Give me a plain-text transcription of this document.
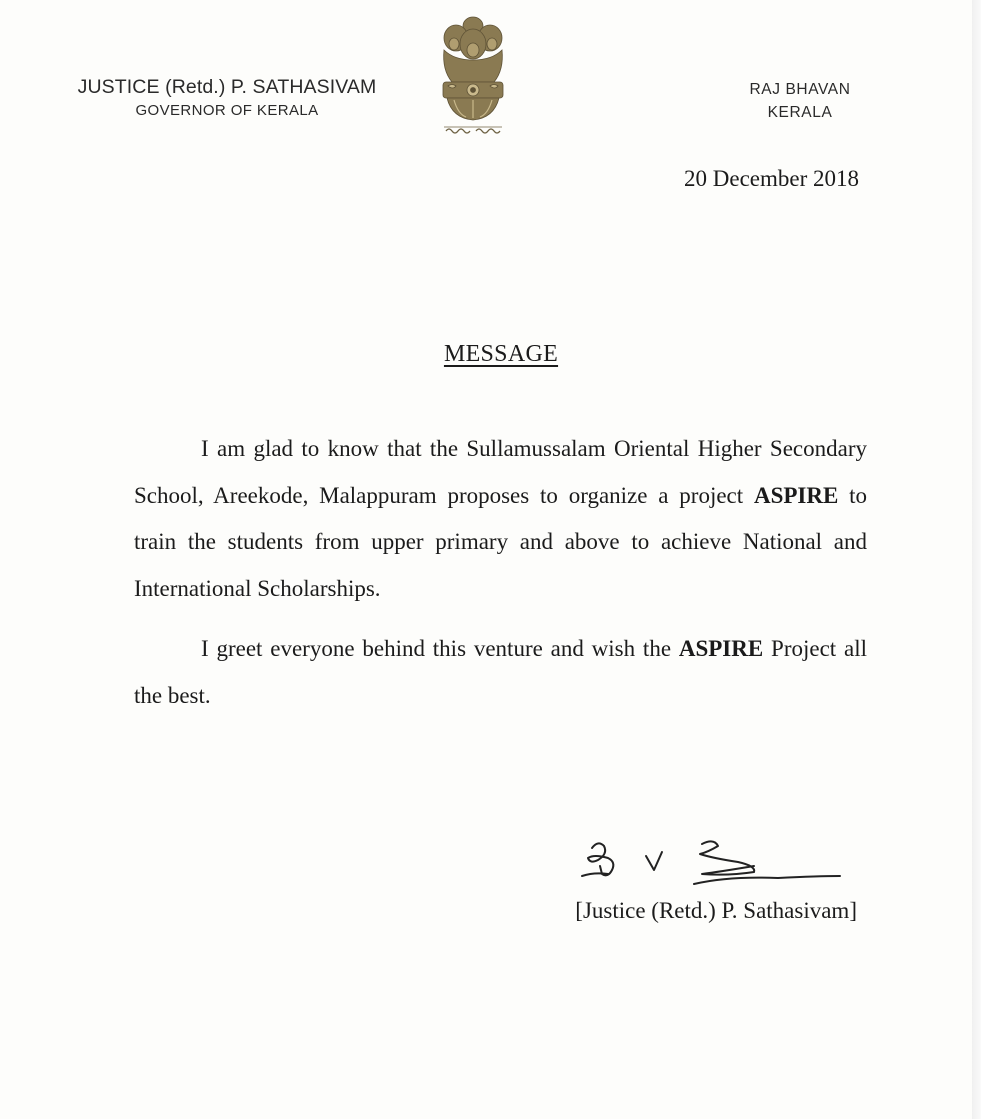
JUSTICE (Retd.) P. SATHASIVAM
GOVERNOR OF KERALA
RAJ BHAVAN
KERALA
20 December 2018
MESSAGE

I am glad to know that the Sullamussalam Oriental Higher Secondary School, Areekode, Malappuram proposes to organize a project ASPIRE to train the students from upper primary and above to achieve National and International Scholarships.

I greet everyone behind this venture and wish the ASPIRE Project all the best.

[Justice (Retd.) P. Sathasivam]
